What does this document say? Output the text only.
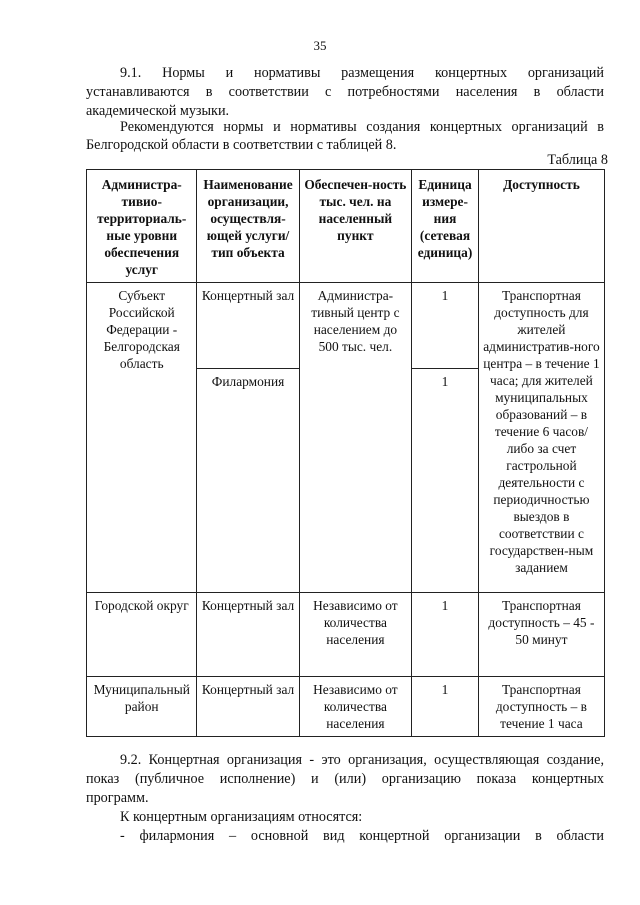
35

9.1. Нормы и нормативы размещения концертных организаций

устанавливаются в соответствии с потребностями населения в области

академической музыки.

Рекомендуются нормы и нормативы создания концертных организаций в

Белгородской области в соответствии с таблицей 8.

Таблица 8
Администра-тивио-территориаль-ные уровни обеспечения услуг	Наименование организации, осуществля-ющей услуги/тип объекта	Обеспечен-ность тыс. чел. на населенный пункт	Единица измере-ния (сетевая единица)	Доступность
Субъект Российской Федерации - Белгородская область	Концертный зал	Администра-тивный центр с населением до 500 тыс. чел.	1	Транспортная доступность для жителей административ-ного центра – в течение 1 часа; для жителей муниципальных образований – в течение 6 часов/либо за счет гастрольной деятельности с периодичностью выездов в соответствии с государствен-ным заданием
	Филармония		1	
Городской округ	Концертный зал	Независимо от количества населения	1	Транспортная доступность – 45 - 50 минут
Муниципальный район	Концертный зал	Независимо от количества населения	1	Транспортная доступность – в течение 1 часа

9.2. Концертная организация - это организация, осуществляющая создание,

показ (публичное исполнение) и (или) организацию показа концертных

программ.

К концертным организациям относятся:

- филармония – основной вид концертной организации в области
